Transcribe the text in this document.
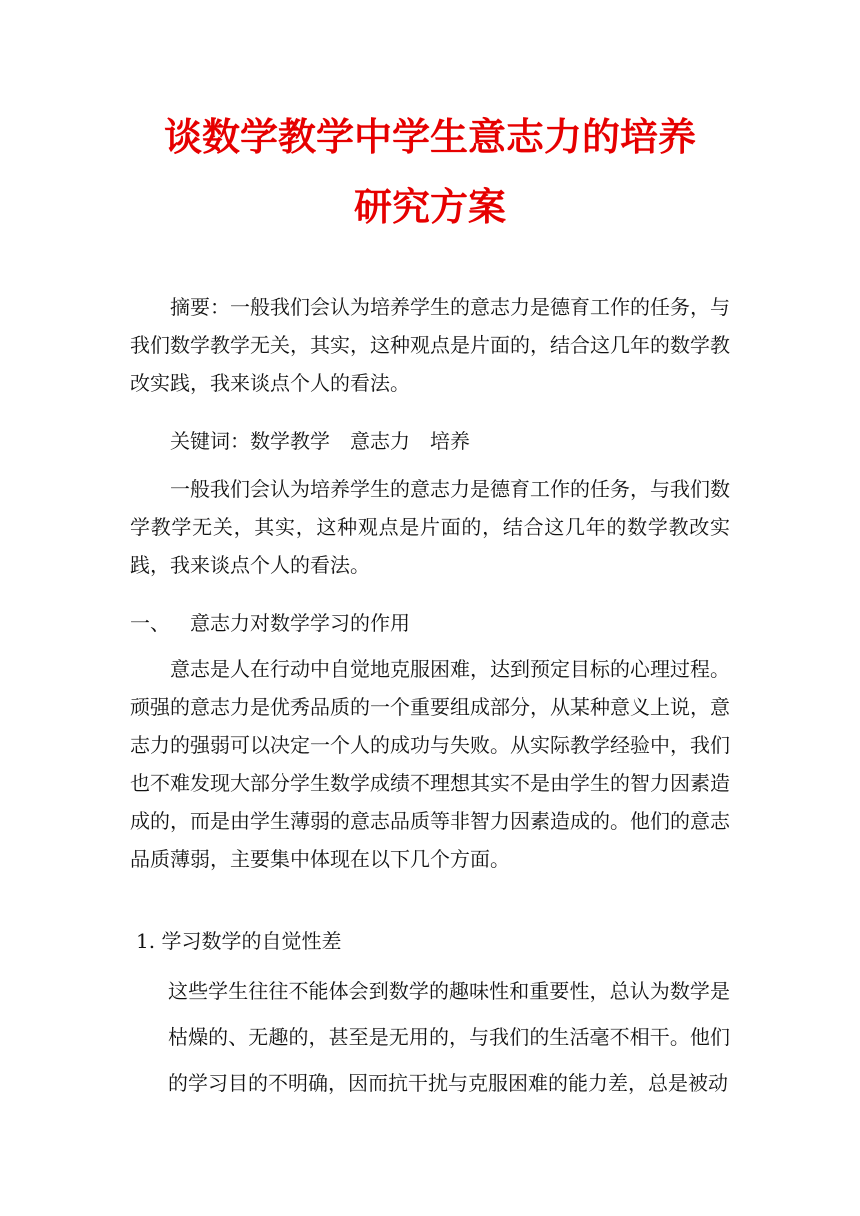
谈数学教学中学生意志力的培养
研究方案
摘要：一般我们会认为培养学生的意志力是德育工作的任务，与我们数学教学无关，其实，这种观点是片面的，结合这几年的数学教改实践，我来谈点个人的看法。
关键词：数学教学　意志力　培养
一般我们会认为培养学生的意志力是德育工作的任务，与我们数学教学无关，其实，这种观点是片面的，结合这几年的数学教改实践，我来谈点个人的看法。
一、 意志力对数学学习的作用
意志是人在行动中自觉地克服困难，达到预定目标的心理过程。顽强的意志力是优秀品质的一个重要组成部分，从某种意义上说，意志力的强弱可以决定一个人的成功与失败。从实际教学经验中，我们也不难发现大部分学生数学成绩不理想其实不是由学生的智力因素造成的，而是由学生薄弱的意志品质等非智力因素造成的。他们的意志品质薄弱，主要集中体现在以下几个方面。
1. 学习数学的自觉性差
这些学生往往不能体会到数学的趣味性和重要性，总认为数学是枯燥的、无趣的，甚至是无用的，与我们的生活毫不相干。他们的学习目的不明确，因而抗干扰与克服困难的能力差，总是被动
